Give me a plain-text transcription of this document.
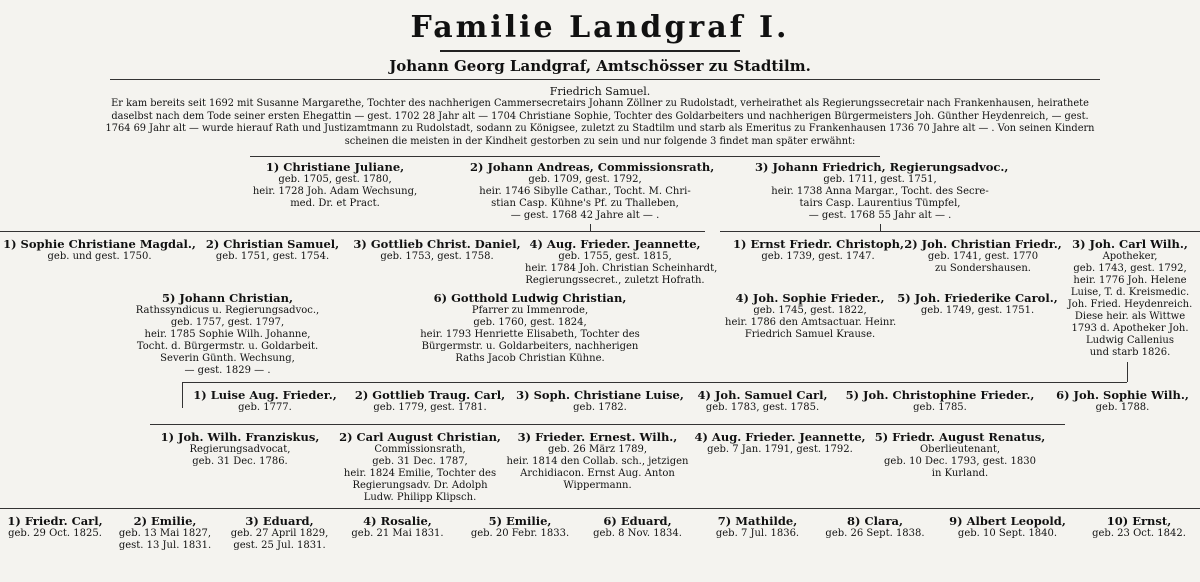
Familie Landgraf I.
Johann Georg Landgraf, Amtschösser zu Stadtilm.
Friedrich Samuel.
Er kam bereits seit 1692 mit Susanne Margarethe, Tochter des nachherigen Cammersecretairs Johann Zöllner zu Rudolstadt, verheirathet als Regierungssecretair nach Frankenhausen, heirathete daselbst nach dem Tode seiner ersten Ehegattin — gest. 1702 28 Jahr alt — 1704 Christiane Sophie, Tochter des Goldarbeiters und nachherigen Bürgermeisters Joh. Günther Heydenreich, — gest. 1764 69 Jahr alt — wurde hierauf Rath und Justizamtmann zu Rudolstadt, sodann zu Königsee, zuletzt zu Stadtilm und starb als Emeritus zu Frankenhausen 1736 70 Jahre alt — . Von seinen Kindern scheinen die meisten in der Kindheit gestorben zu sein und nur folgende 3 findet man später erwähnt:
1) Christiane Juliane,
geb. 1705, gest. 1780,
heir. 1728 Joh. Adam Wechsung,
med. Dr. et Pract.
2) Johann Andreas, Commissionsrath,
geb. 1709, gest. 1792,
heir. 1746 Sibylle Cathar., Tocht. M. Chri-
stian Casp. Kühne's Pf. zu Thalleben,
— gest. 1768 42 Jahre alt — .
3) Johann Friedrich, Regierungsadvoc.,
geb. 1711, gest. 1751,
heir. 1738 Anna Margar., Tocht. des Secre-
tairs Casp. Laurentius Tümpfel,
— gest. 1768 55 Jahr alt — .
1) Sophie Christiane Magdal.,
geb. und gest. 1750.
2) Christian Samuel,
geb. 1751, gest. 1754.
3) Gottlieb Christ. Daniel,
geb. 1753, gest. 1758.
4) Aug. Frieder. Jeannette,
geb. 1755, gest. 1815,
heir. 1784 Joh. Christian Scheinhardt,
Regierungssecret., zuletzt Hofrath.
5) Johann Christian,
Rathssyndicus u. Regierungsadvoc.,
geb. 1757, gest. 1797,
heir. 1785 Sophie Wilh. Johanne,
Tocht. d. Bürgermstr. u. Goldarbeit.
Severin Günth. Wechsung,
— gest. 1829 — .
6) Gotthold Ludwig Christian,
Pfarrer zu Immenrode,
geb. 1760, gest. 1824,
heir. 1793 Henriette Elisabeth, Tochter des
Bürgermstr. u. Goldarbeiters, nachherigen
Raths Jacob Christian Kühne.
1) Ernst Friedr. Christoph,
geb. 1739, gest. 1747.
2) Joh. Christian Friedr.,
geb. 1741, gest. 1770
zu Sondershausen.
3) Joh. Carl Wilh.,
Apotheker,
geb. 1743, gest. 1792,
heir. 1776 Joh. Helene
Luise, T. d. Kreismedic.
Joh. Fried. Heydenreich.
Diese heir. als Wittwe
1793 d. Apotheker Joh.
Ludwig Callenius
und starb 1826.
4) Joh. Sophie Frieder.,
geb. 1745, gest. 1822,
heir. 1786 den Amtsactuar. Heinr.
Friedrich Samuel Krause.
5) Joh. Friederike Carol.,
geb. 1749, gest. 1751.
1) Luise Aug. Frieder.,
geb. 1777.
2) Gottlieb Traug. Carl,
geb. 1779, gest. 1781.
3) Soph. Christiane Luise,
geb. 1782.
4) Joh. Samuel Carl,
geb. 1783, gest. 1785.
5) Joh. Christophine Frieder.,
geb. 1785.
6) Joh. Sophie Wilh.,
geb. 1788.
1) Joh. Wilh. Franziskus,
Regierungsadvocat,
geb. 31 Dec. 1786.
2) Carl August Christian,
Commissionsrath,
geb. 31 Dec. 1787,
heir. 1824 Emilie, Tochter des
Regierungsadv. Dr. Adolph
Ludw. Philipp Klipsch.
3) Frieder. Ernest. Wilh.,
geb. 26 März 1789,
heir. 1814 den Collab. sch., jetzigen
Archidiacon. Ernst Aug. Anton
Wippermann.
4) Aug. Frieder. Jeannette,
geb. 7 Jan. 1791, gest. 1792.
5) Friedr. August Renatus,
Oberlieutenant,
geb. 10 Dec. 1793, gest. 1830
in Kurland.
1) Friedr. Carl,
geb. 29 Oct. 1825.
2) Emilie,
geb. 13 Mai 1827,
gest. 13 Jul. 1831.
3) Eduard,
geb. 27 April 1829,
gest. 25 Jul. 1831.
4) Rosalie,
geb. 21 Mai 1831.
5) Emilie,
geb. 20 Febr. 1833.
6) Eduard,
geb. 8 Nov. 1834.
7) Mathilde,
geb. 7 Jul. 1836.
8) Clara,
geb. 26 Sept. 1838.
9) Albert Leopold,
geb. 10 Sept. 1840.
10) Ernst,
geb. 23 Oct. 1842.
